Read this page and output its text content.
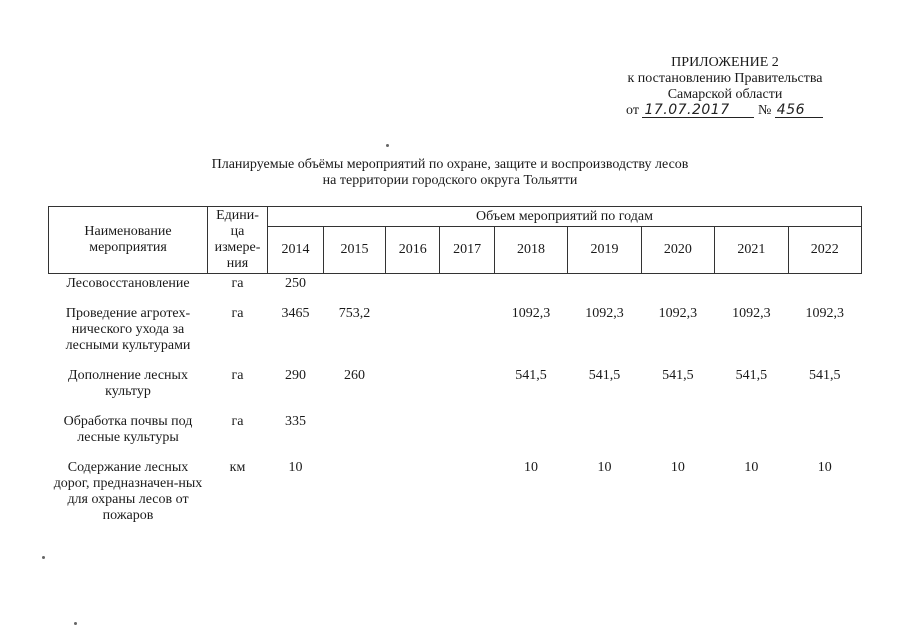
ПРИЛОЖЕНИЕ 2
к постановлению Правительства
Самарской области
от 17.07.2017 № 456
Планируемые объёмы мероприятий по охране, защите и воспроизводству лесов
на территории городского округа Тольятти
Наименование мероприятия	Едини-ца измере-ния	Объем мероприятий по годам								
		2014	2015	2016	2017	2018	2019	2020	2021	2022
Лесовосстановление	га	250								

Проведение агротех-нического ухода за лесными культурами	га	3465	753,2			1092,3	1092,3	1092,3	1092,3	1092,3

Дополнение лесных культур	га	290	260			541,5	541,5	541,5	541,5	541,5

Обработка почвы под лесные культуры	га	335								

Содержание лесных дорог, предназначен-ных для охраны лесов от пожаров	км	10				10	10	10	10	10
